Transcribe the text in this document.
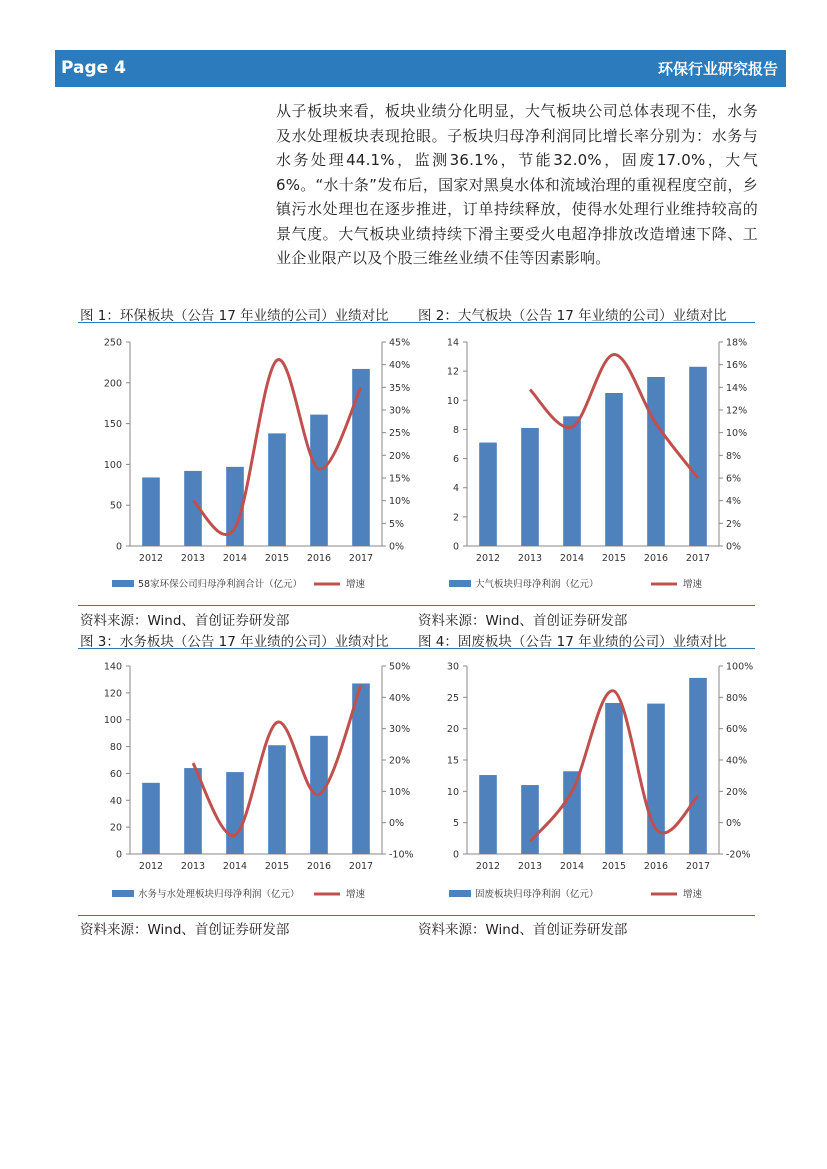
Page 4	环保行业研究报告

从子板块来看，板块业绩分化明显，大气板块公司总体表现不佳，水务及水处理板块表现抢眼。子板块归母净利润同比增长率分别为：水务与水务处理44.1%，监测36.1%，节能32.0%，固废17.0%，大气6%。“水十条”发布后，国家对黑臭水体和流域治理的重视程度空前，乡镇污水处理也在逐步推进，订单持续释放，使得水处理行业维持较高的景气度。大气板块业绩持续下滑主要受火电超净排放改造增速下降、工业企业限产以及个股三维丝业绩不佳等因素影响。

图 1：环保板块（公告 17 年业绩的公司）业绩对比 图 2：大气板块（公告 17 年业绩的公司）业绩对比
0
50
100
150
200
250
0%
5%
10%
15%
20%
25%
30%
35%
40%
45%
2012 2013 2014 2015 2016 2017
58家环保公司归母净利润合计（亿元）	增速
0
2
4
6
8
10
12
14
0%
2%
4%
6%
8%
10%
12%
14%
16%
18%
2012 2013 2014 2015 2016 2017
大气板块归母净利润（亿元）	增速
资料来源：Wind、首创证券研发部	资料来源：Wind、首创证券研发部
图 3：水务板块（公告 17 年业绩的公司）业绩对比 图 4：固废板块（公告 17 年业绩的公司）业绩对比
0
20
40
60
80
100
120
140
-10%
0%
10%
20%
30%
40%
50%
2012 2013 2014 2015 2016 2017
水务与水处理板块归母净利润（亿元）	增速
0
5
10
15
20
25
30
-20%
0%
20%
40%
60%
80%
100%
2012 2013 2014 2015 2016 2017
固废板块归母净利润（亿元）	增速
资料来源：Wind、首创证券研发部	资料来源：Wind、首创证券研发部
